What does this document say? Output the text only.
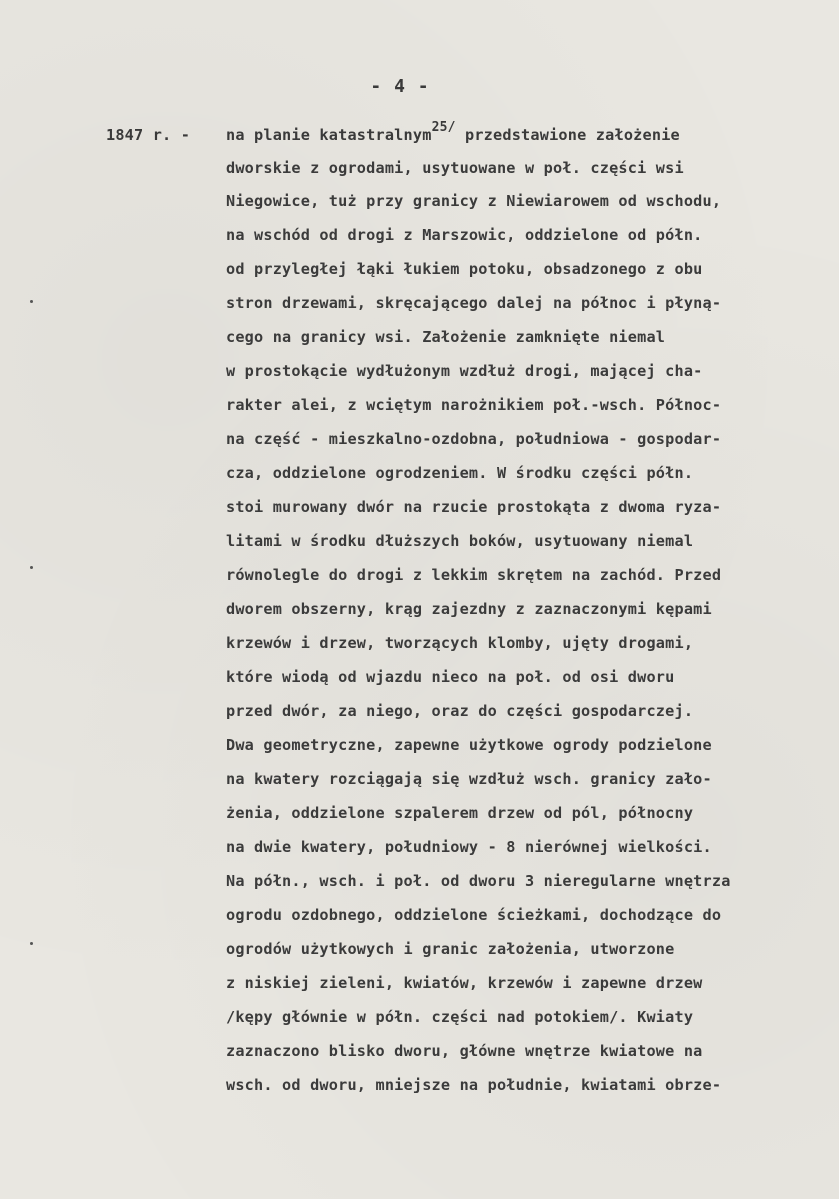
- 4 -
1847 r. - na planie katastralnym25/ przedstawione założenie
dworskie z ogrodami, usytuowane w poł. części wsi
Niegowice, tuż przy granicy z Niewiarowem od wschodu,
na wschód od drogi z Marszowic, oddzielone od półn.
od przyległej łąki łukiem potoku, obsadzonego z obu
stron drzewami, skręcającego dalej na północ i płyną-
cego na granicy wsi. Założenie zamknięte niemal
w prostokącie wydłużonym wzdłuż drogi, mającej cha-
rakter alei, z wciętym narożnikiem poł.-wsch. Północ-
na część - mieszkalno-ozdobna, południowa - gospodar-
cza, oddzielone ogrodzeniem. W środku części półn.
stoi murowany dwór na rzucie prostokąta z dwoma ryza-
litami w środku dłuższych boków, usytuowany niemal
równolegle do drogi z lekkim skrętem na zachód. Przed
dworem obszerny, krąg zajezdny z zaznaczonymi kępami
krzewów i drzew, tworzących klomby, ujęty drogami,
które wiodą od wjazdu nieco na poł. od osi dworu
przed dwór, za niego, oraz do części gospodarczej.
Dwa geometryczne, zapewne użytkowe ogrody podzielone
na kwatery rozciągają się wzdłuż wsch. granicy zało-
żenia, oddzielone szpalerem drzew od pól, północny
na dwie kwatery, południowy - 8 nierównej wielkości.
Na półn., wsch. i poł. od dworu 3 nieregularne wnętrza
ogrodu ozdobnego, oddzielone ścieżkami, dochodzące do
ogrodów użytkowych i granic założenia, utworzone
z niskiej zieleni, kwiatów, krzewów i zapewne drzew
/kępy głównie w półn. części nad potokiem/. Kwiaty
zaznaczono blisko dworu, główne wnętrze kwiatowe na
wsch. od dworu, mniejsze na południe, kwiatami obrze-
